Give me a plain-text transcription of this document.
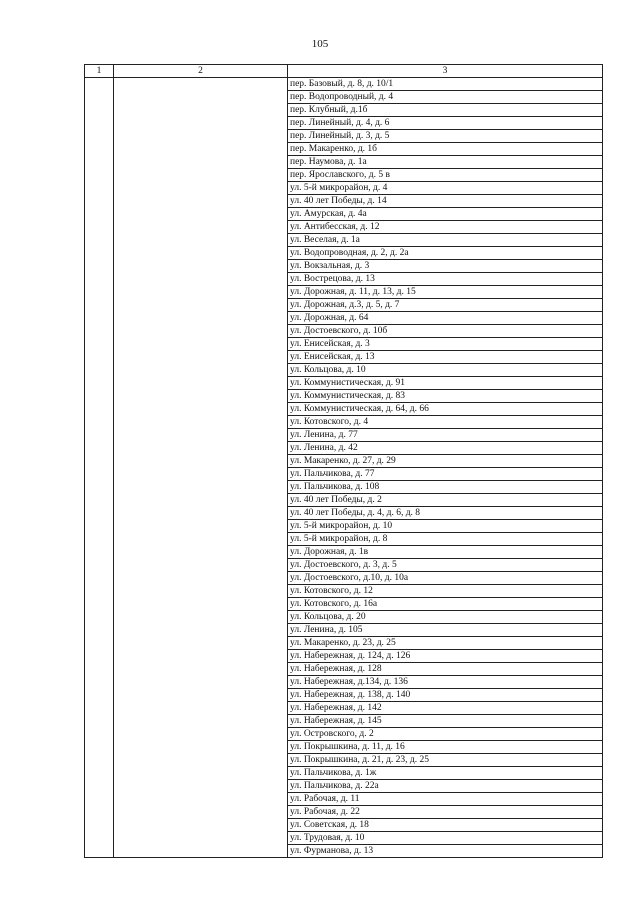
105
1	2	3
		пер. Базовый, д. 8, д. 10/1
		пер. Водопроводный, д. 4
		пер. Клубный, д.1б
		пер. Линейный, д. 4, д. 6
		пер. Линейный, д. 3, д. 5
		пер. Макаренко, д. 1б
		пер. Наумова, д. 1а
		пер. Ярославского, д. 5 в
		ул. 5-й микрорайон, д. 4
		ул. 40 лет Победы, д. 14
		ул. Амурская, д. 4а
		ул. Антибесская, д. 12
		ул. Веселая, д. 1а
		ул. Водопроводная, д. 2, д. 2а
		ул. Вокзальная, д. 3
		ул. Вострецова, д. 13
		ул. Дорожная, д. 11, д. 13, д. 15
		ул. Дорожная, д.3, д. 5, д. 7
		ул. Дорожная, д. 64
		ул. Достоевского, д. 10б
		ул. Енисейская, д. 3
		ул. Енисейская, д. 13
		ул. Кольцова, д. 10
		ул. Коммунистическая, д. 91
		ул. Коммунистическая, д. 83
		ул. Коммунистическая, д. 64, д. 66
		ул. Котовского, д. 4
		ул. Ленина, д. 77
		ул. Ленина, д. 42
		ул. Макаренко, д. 27, д. 29
		ул. Пальчикова, д. 77
		ул. Пальчикова, д. 108
		ул. 40 лет Победы, д. 2
		ул. 40 лет Победы, д. 4, д. 6, д. 8
		ул. 5-й микрорайон, д. 10
		ул. 5-й микрорайон, д. 8
		ул. Дорожная, д. 1в
		ул. Достоевского, д. 3, д. 5
		ул. Достоевского, д.10, д. 10а
		ул. Котовского, д. 12
		ул. Котовского, д. 16а
		ул. Кольцова, д. 20
		ул. Ленина, д. 105
		ул. Макаренко, д. 23, д. 25
		ул. Набережная, д. 124, д. 126
		ул. Набережная, д. 128
		ул. Набережная, д.134, д. 136
		ул. Набережная, д. 138, д. 140
		ул. Набережная, д. 142
		ул. Набережная, д. 145
		ул. Островского, д. 2
		ул. Покрышкина, д. 11, д. 16
		ул. Покрышкина, д. 21, д. 23, д. 25
		ул. Пальчикова, д. 1ж
		ул. Пальчикова, д. 22а
		ул. Рабочая, д. 11
		ул. Рабочая, д. 22
		ул. Советская, д. 18
		ул. Трудовая, д. 10
		ул. Фурманова, д. 13
